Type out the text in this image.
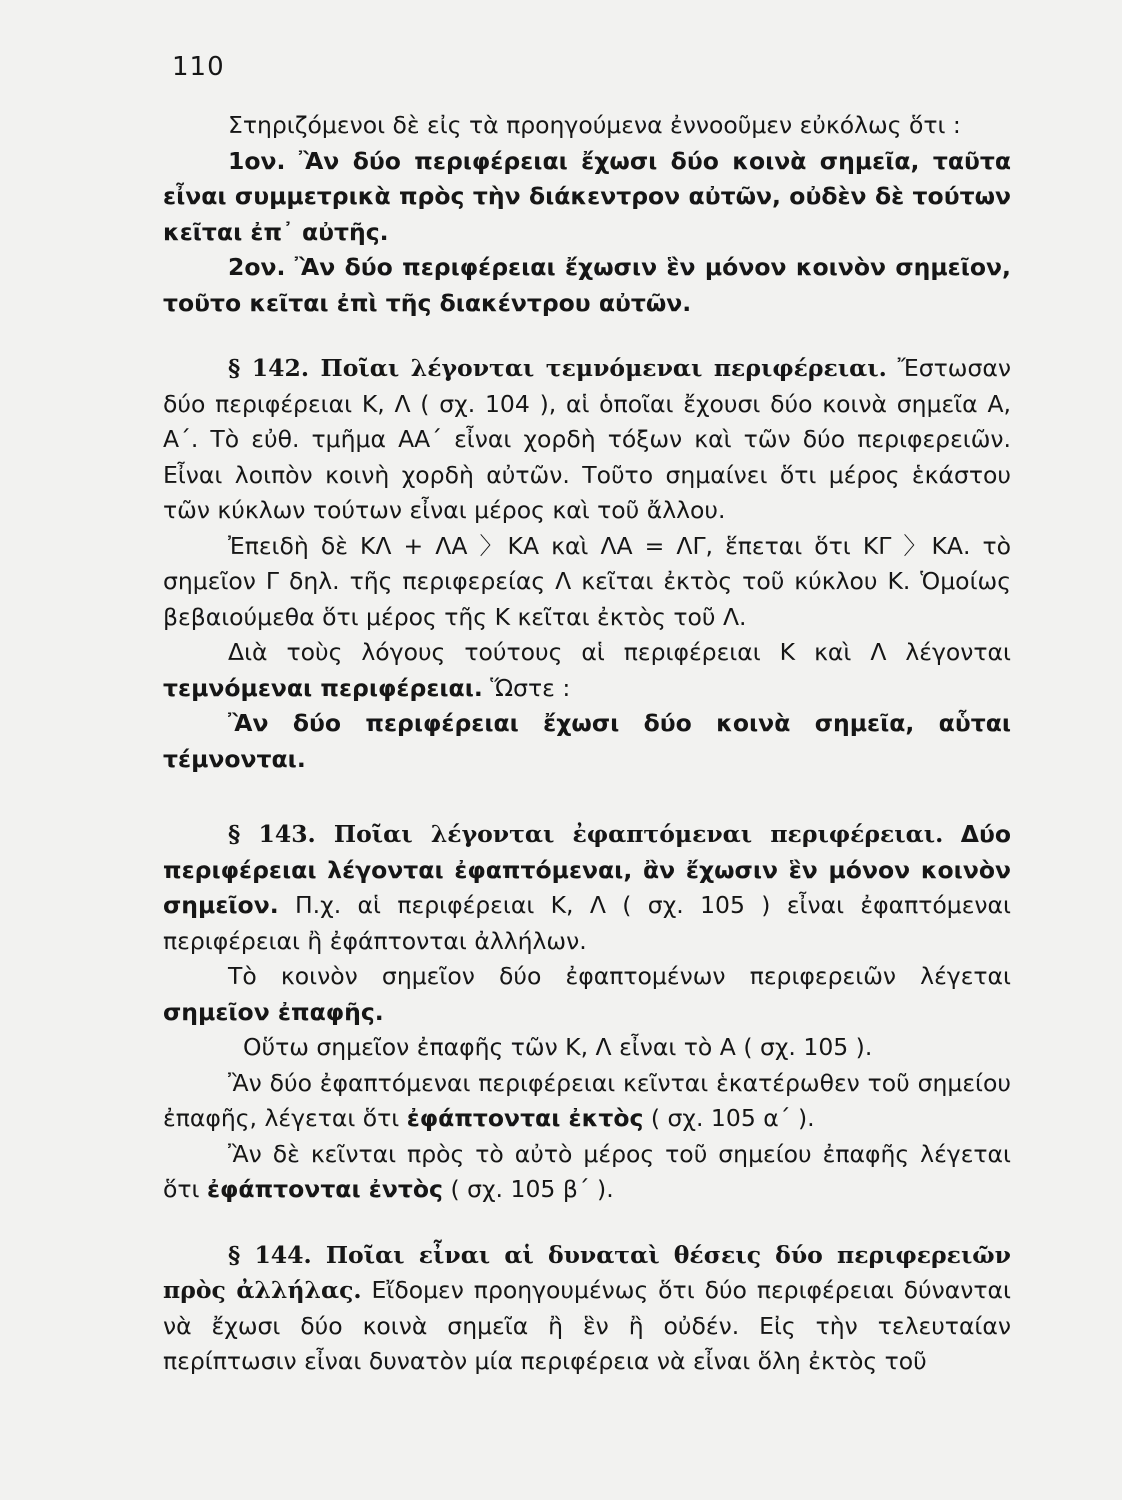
110

Στηριζόμενοι δὲ εἰς τὰ προηγούμενα ἐννοοῦμεν εὐκόλως ὅτι :

1ον. Ἂν δύο περιφέρειαι ἔχωσι δύο κοινὰ σημεῖα, ταῦτα εἶναι συμμετρικὰ πρὸς τὴν διάκεντρον αὐτῶν, οὐδὲν δὲ τούτων κεῖται ἐπ᾽ αὐτῆς.

2ον. Ἂν δύο περιφέρειαι ἔχωσιν ἓν μόνον κοινὸν σημεῖον, τοῦτο κεῖται ἐπὶ τῆς διακέντρου αὐτῶν.

§ 142. Ποῖαι λέγονται τεμνόμεναι περιφέρειαι. Ἔστωσαν δύο περιφέρειαι Κ, Λ ( σχ. 104 ), αἱ ὁποῖαι ἔχουσι δύο κοινὰ σημεῖα Α, Α΄. Τὸ εὐθ. τμῆμα ΑΑ΄ εἶναι χορδὴ τόξων καὶ τῶν δύο περιφερειῶν. Εἶναι λοιπὸν κοινὴ χορδὴ αὐτῶν. Τοῦτο σημαίνει ὅτι μέρος ἑκάστου τῶν κύκλων τούτων εἶναι μέρος καὶ τοῦ ἄλλου.

Ἐπειδὴ δὲ ΚΛ + ΛΑ 〉ΚΑ καὶ ΛΑ = ΛΓ, ἕπεται ὅτι ΚΓ 〉ΚΑ. τὸ σημεῖον Γ δηλ. τῆς περιφερείας Λ κεῖται ἐκτὸς τοῦ κύκλου Κ. Ὁμοίως βεβαιούμεθα ὅτι μέρος τῆς Κ κεῖται ἐκτὸς τοῦ Λ.

Διὰ τοὺς λόγους τούτους αἱ περιφέρειαι Κ καὶ Λ λέγονται τεμνόμεναι περιφέρειαι. Ὥστε :

Ἂν δύο περιφέρειαι ἔχωσι δύο κοινὰ σημεῖα, αὗται τέμνονται.

§ 143. Ποῖαι λέγονται ἐφαπτόμεναι περιφέρειαι. Δύο περιφέρειαι λέγονται ἐφαπτόμεναι, ἂν ἔχωσιν ἓν μόνον κοινὸν σημεῖον. Π.χ. αἱ περιφέρειαι Κ, Λ ( σχ. 105 ) εἶναι ἐφαπτόμεναι περιφέρειαι ἢ ἐφάπτονται ἀλλήλων.

Τὸ κοινὸν σημεῖον δύο ἐφαπτομένων περιφερειῶν λέγεται σημεῖον ἐπαφῆς.

Οὕτω σημεῖον ἐπαφῆς τῶν Κ, Λ εἶναι τὸ Α ( σχ. 105 ).

Ἂν δύο ἐφαπτόμεναι περιφέρειαι κεῖνται ἑκατέρωθεν τοῦ σημείου ἐπαφῆς, λέγεται ὅτι ἐφάπτονται ἐκτὸς ( σχ. 105 α΄ ).

Ἂν δὲ κεῖνται πρὸς τὸ αὐτὸ μέρος τοῦ σημείου ἐπαφῆς λέγεται ὅτι ἐφάπτονται ἐντὸς ( σχ. 105 β΄ ).

§ 144. Ποῖαι εἶναι αἱ δυναταὶ θέσεις δύο περιφερειῶν πρὸς ἀλλήλας. Εἴδομεν προηγουμένως ὅτι δύο περιφέρειαι δύνανται νὰ ἔχωσι δύο κοινὰ σημεῖα ἢ ἓν ἢ οὐδέν. Εἰς τὴν τελευταίαν περίπτωσιν εἶναι δυνατὸν μία περιφέρεια νὰ εἶναι ὅλη ἐκτὸς τοῦ
